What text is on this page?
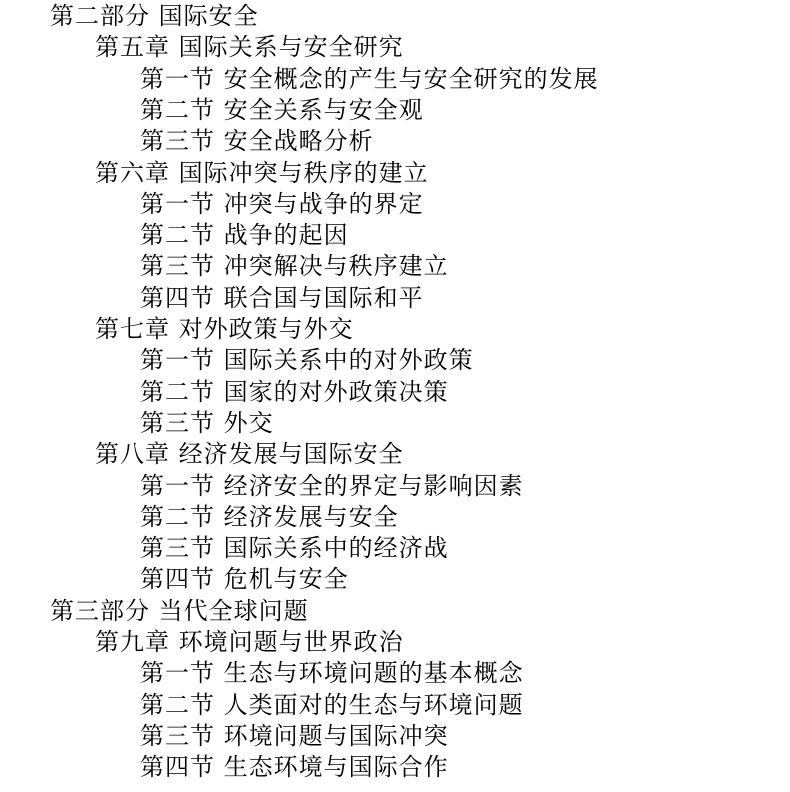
第二部分 国际安全
第五章 国际关系与安全研究
第一节 安全概念的产生与安全研究的发展
第二节 安全关系与安全观
第三节 安全战略分析
第六章 国际冲突与秩序的建立
第一节 冲突与战争的界定
第二节 战争的起因
第三节 冲突解决与秩序建立
第四节 联合国与国际和平
第七章 对外政策与外交
第一节 国际关系中的对外政策
第二节 国家的对外政策决策
第三节 外交
第八章 经济发展与国际安全
第一节 经济安全的界定与影响因素
第二节 经济发展与安全
第三节 国际关系中的经济战
第四节 危机与安全
第三部分 当代全球问题
第九章 环境问题与世界政治
第一节 生态与环境问题的基本概念
第二节 人类面对的生态与环境问题
第三节 环境问题与国际冲突
第四节 生态环境与国际合作
